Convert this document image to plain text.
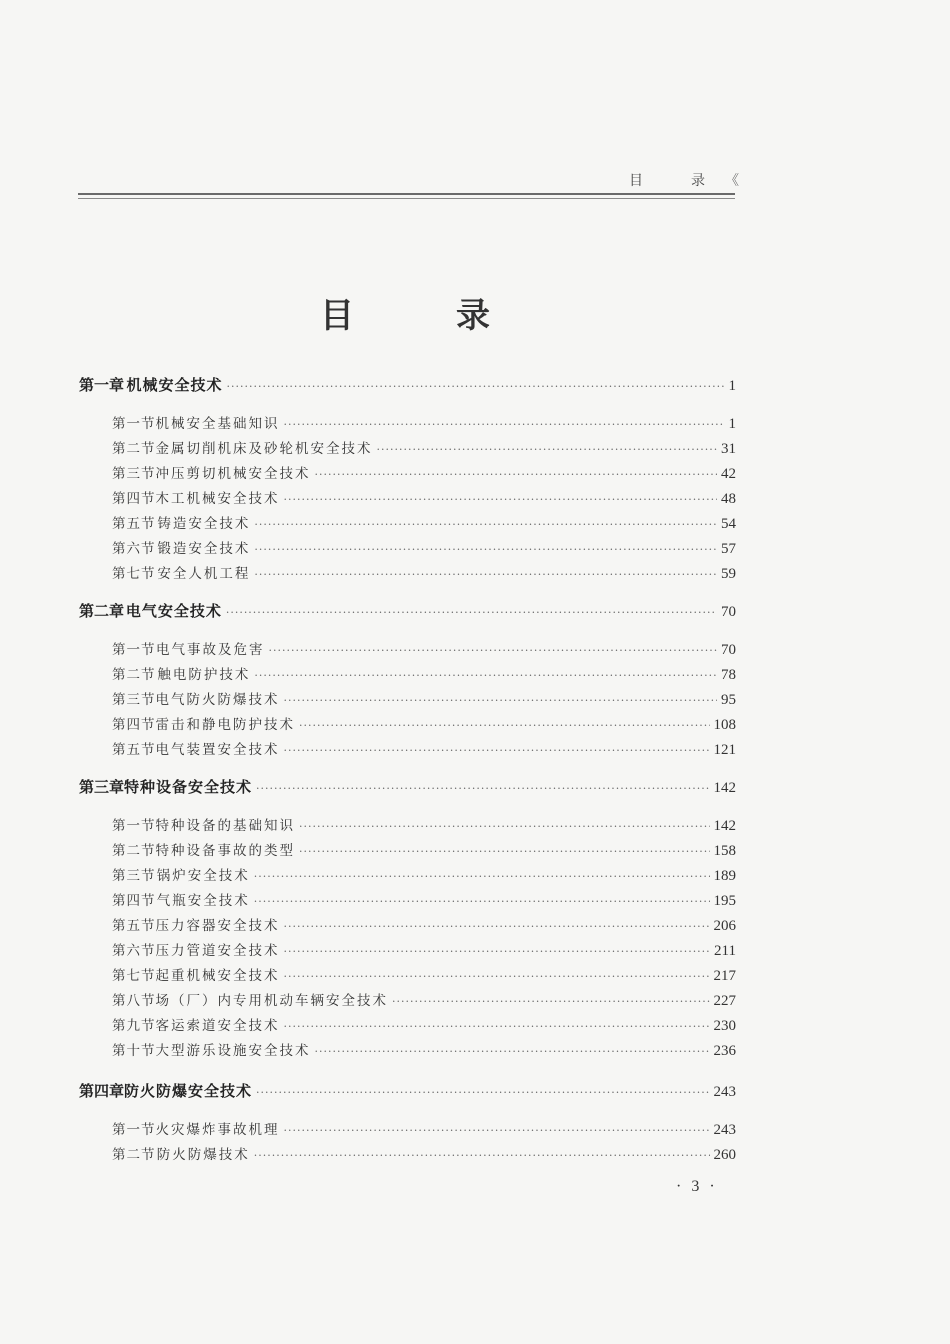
目录 《
目	录
第一章 机械安全技术 ·····	1
第一节 机械安全基础知识 ·····	1
第二节 金属切削机床及砂轮机安全技术 ·····	31
第三节 冲压剪切机械安全技术 ·····	42
第四节 木工机械安全技术 ·····	48
第五节 铸造安全技术 ·····	54
第六节 锻造安全技术 ·····	57
第七节 安全人机工程 ·····	59
第二章 电气安全技术 ·····	70
第一节 电气事故及危害 ·····	70
第二节 触电防护技术 ·····	78
第三节 电气防火防爆技术 ·····	95
第四节 雷击和静电防护技术 ·····	108
第五节 电气装置安全技术 ·····	121
第三章 特种设备安全技术 ·····	142
第一节 特种设备的基础知识 ·····	142
第二节 特种设备事故的类型 ·····	158
第三节 锅炉安全技术 ·····	189
第四节 气瓶安全技术 ·····	195
第五节 压力容器安全技术 ·····	206
第六节 压力管道安全技术 ·····	211
第七节 起重机械安全技术 ·····	217
第八节 场（厂）内专用机动车辆安全技术 ·····	227
第九节 客运索道安全技术 ·····	230
第十节 大型游乐设施安全技术 ·····	236
第四章 防火防爆安全技术 ·····	243
第一节 火灾爆炸事故机理 ·····	243
第二节 防火防爆技术 ·····	260
· 3 ·
